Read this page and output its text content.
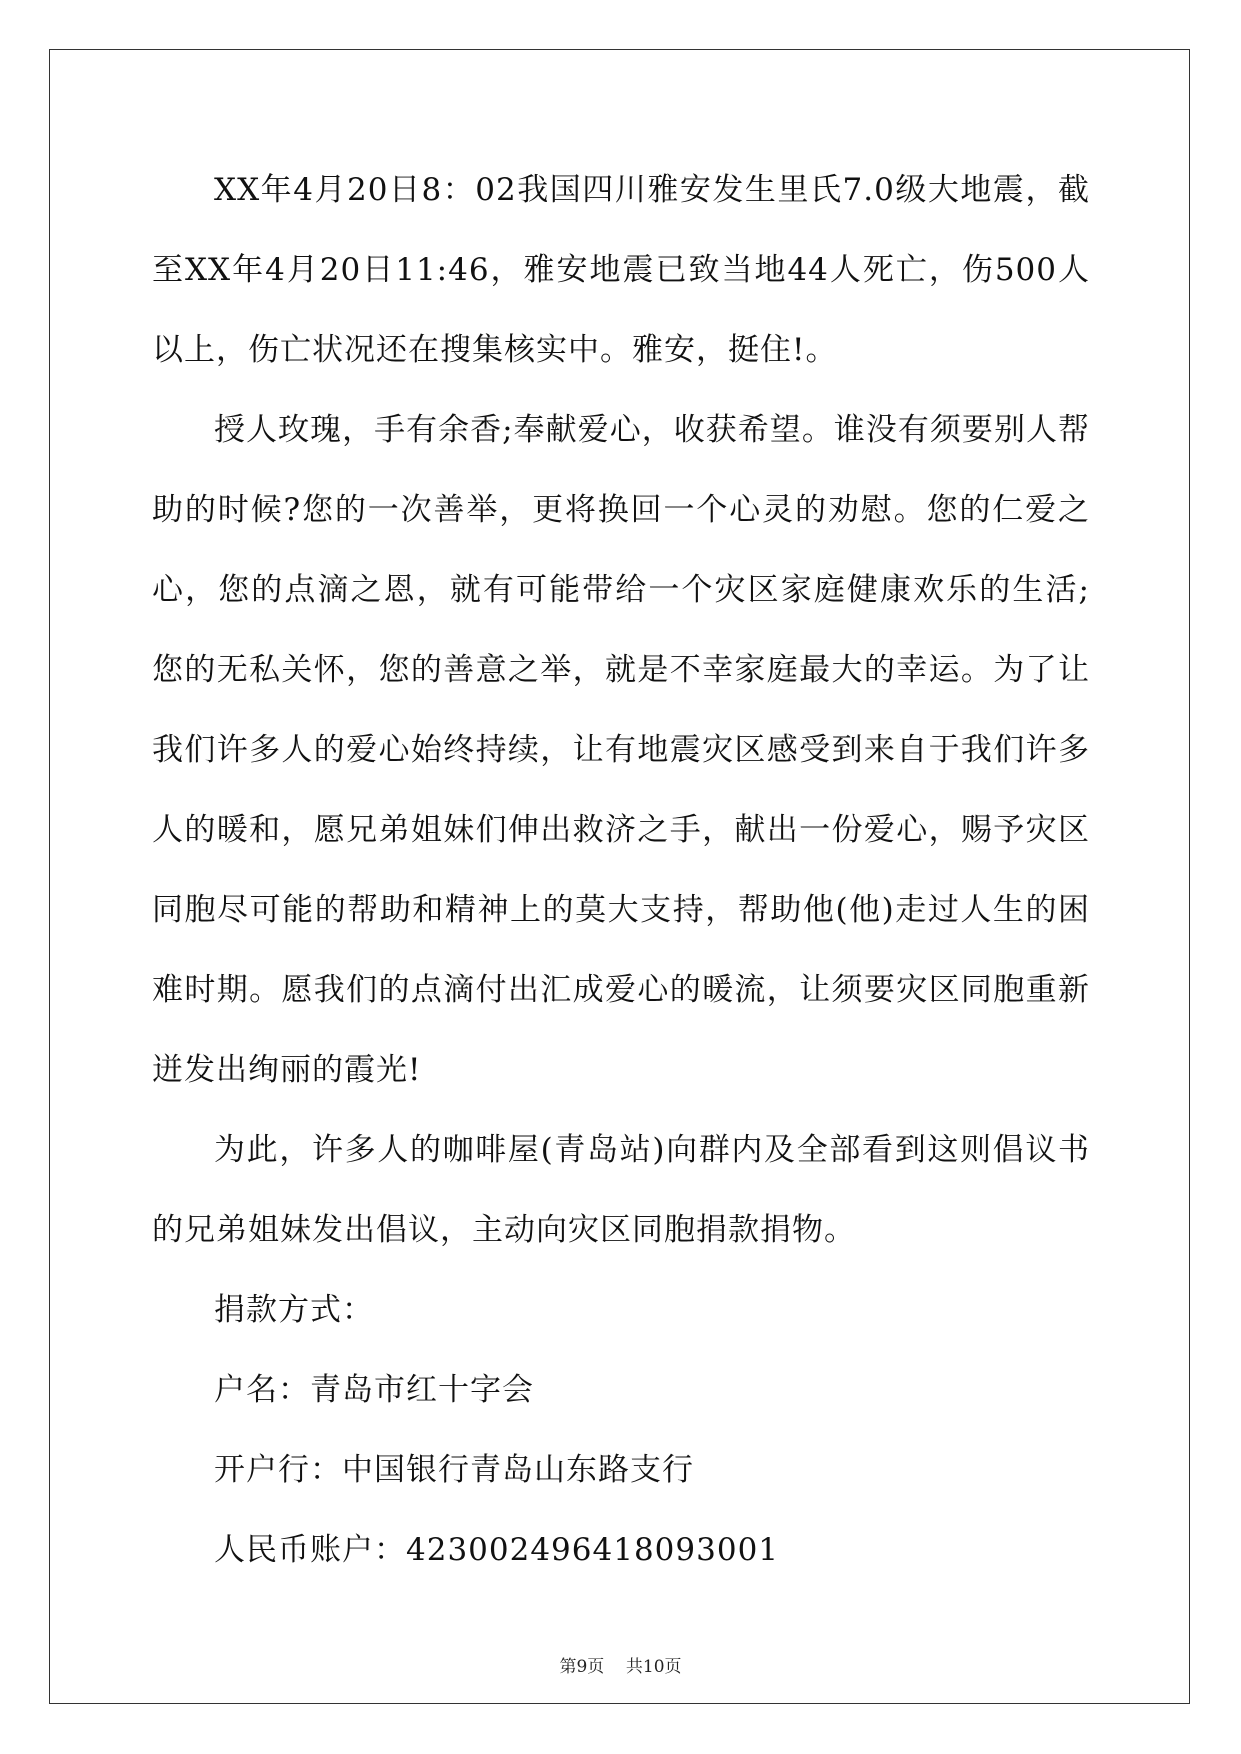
XX年4月20日8：02我国四川雅安发生里氏7.0级大地震，截至XX年4月20日11:46，雅安地震已致当地44人死亡，伤500人以上，伤亡状况还在搜集核实中。雅安，挺住!。

授人玫瑰，手有余香;奉献爱心，收获希望。谁没有须要别人帮助的时候?您的一次善举，更将换回一个心灵的劝慰。您的仁爱之心，您的点滴之恩，就有可能带给一个灾区家庭健康欢乐的生活;您的无私关怀，您的善意之举，就是不幸家庭最大的幸运。为了让我们许多人的爱心始终持续，让有地震灾区感受到来自于我们许多人的暖和，愿兄弟姐妹们伸出救济之手，献出一份爱心，赐予灾区同胞尽可能的帮助和精神上的莫大支持，帮助他(他)走过人生的困难时期。愿我们的点滴付出汇成爱心的暖流，让须要灾区同胞重新迸发出绚丽的霞光!

为此，许多人的咖啡屋(青岛站)向群内及全部看到这则倡议书的兄弟姐妹发出倡议，主动向灾区同胞捐款捐物。

捐款方式：

户名：青岛市红十字会

开户行：中国银行青岛山东路支行

人民币账户：423002496418093001

第9页 共10页
